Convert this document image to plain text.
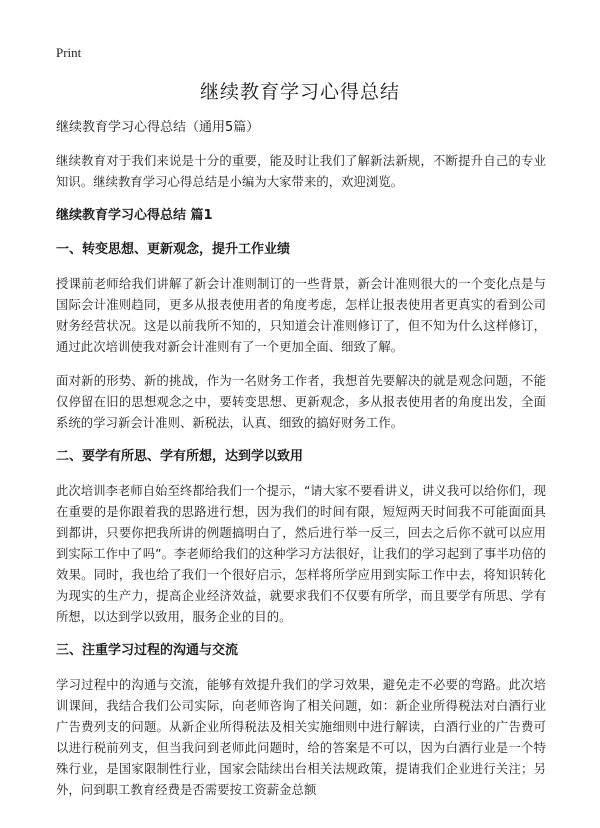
Print
继续教育学习心得总结

继续教育学习心得总结（通用5篇）

继续教育对于我们来说是十分的重要，能及时让我们了解新法新规，不断提升自己的专业知识。继续教育学习心得总结是小编为大家带来的，欢迎浏览。

继续教育学习心得总结 篇1

一、转变思想、更新观念，提升工作业绩

授课前老师给我们讲解了新会计准则制订的一些背景，新会计准则很大的一个变化点是与国际会计准则趋同，更多从报表使用者的角度考虑，怎样让报表使用者更真实的看到公司财务经营状况。这是以前我所不知的，只知道会计准则修订了，但不知为什么这样修订，通过此次培训使我对新会计准则有了一个更加全面、细致了解。

面对新的形势、新的挑战，作为一名财务工作者，我想首先要解决的就是观念问题，不能仅停留在旧的思想观念之中，要转变思想、更新观念，多从报表使用者的角度出发，全面系统的学习新会计准则、新税法，认真、细致的搞好财务工作。

二、要学有所思、学有所想，达到学以致用

此次培训李老师自始至终都给我们一个提示，“请大家不要看讲义，讲义我可以给你们，现在重要的是你跟着我的思路进行想，因为我们的时间有限，短短两天时间我不可能面面具到都讲，只要你把我所讲的例题搞明白了，然后进行举一反三，回去之后你不就可以应用到实际工作中了吗”。李老师给我们的这种学习方法很好，让我们的学习起到了事半功倍的效果。同时，我也给了我们一个很好启示，怎样将所学应用到实际工作中去，将知识转化为现实的生产力，提高企业经济效益，就要求我们不仅要有所学，而且要学有所思、学有所想，以达到学以致用，服务企业的目的。

三、注重学习过程的沟通与交流

学习过程中的沟通与交流，能够有效提升我们的学习效果，避免走不必要的弯路。此次培训课间，我结合我们公司实际，向老师咨询了相关问题，如：新企业所得税法对白酒行业广告费列支的问题。从新企业所得税法及相关实施细则中进行解读，白酒行业的广告费可以进行税前列支，但当我问到老师此问题时，给的答案是不可以，因为白酒行业是一个特殊行业，是国家限制性行业，国家会陆续出台相关法规政策，提请我们企业进行关注；另外，问到职工教育经费是否需要按工资薪金总额
